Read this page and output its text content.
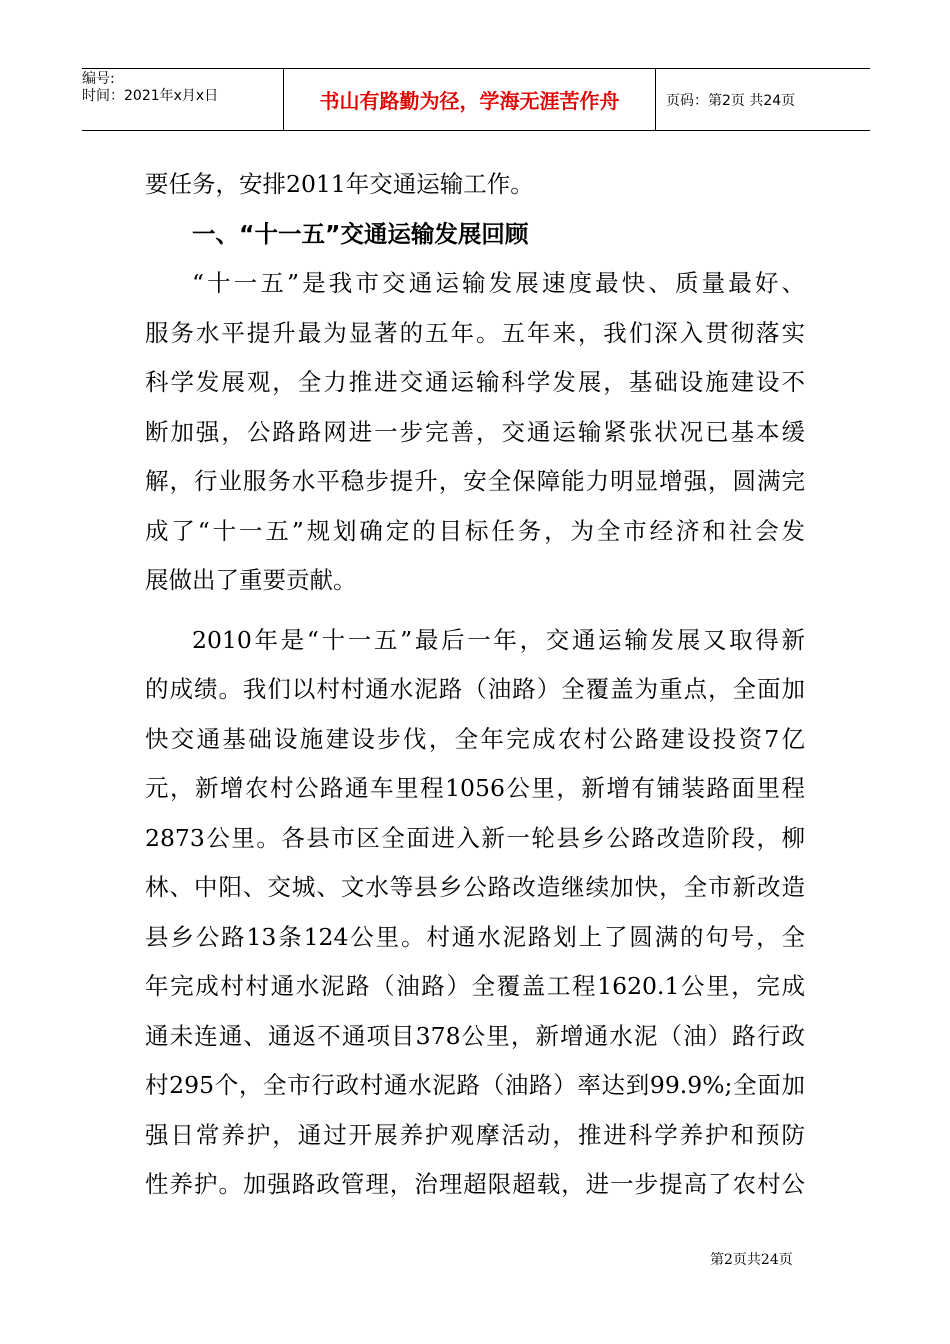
编号:
时间：2021年x月x日	书山有路勤为径，学海无涯苦作舟	页码：第2页 共24页
要任务，安排2011年交通运输工作。
一、“十一五”交通运输发展回顾
“十一五”是我市交通运输发展速度最快、质量最好、
服务水平提升最为显著的五年。五年来，我们深入贯彻落实
科学发展观，全力推进交通运输科学发展，基础设施建设不
断加强，公路路网进一步完善，交通运输紧张状况已基本缓
解，行业服务水平稳步提升，安全保障能力明显增强，圆满完
成了“十一五”规划确定的目标任务，为全市经济和社会发
展做出了重要贡献。
2010年是“十一五”最后一年，交通运输发展又取得新
的成绩。我们以村村通水泥路（油路）全覆盖为重点，全面加
快交通基础设施建设步伐，全年完成农村公路建设投资7亿
元，新增农村公路通车里程1056公里，新增有铺装路面里程
2873公里。各县市区全面进入新一轮县乡公路改造阶段，柳
林、中阳、交城、文水等县乡公路改造继续加快，全市新改造
县乡公路13条124公里。村通水泥路划上了圆满的句号，全
年完成村村通水泥路（油路）全覆盖工程1620.1公里，完成
通未连通、通返不通项目378公里，新增通水泥（油）路行政
村295个，全市行政村通水泥路（油路）率达到99.9%;全面加
强日常养护，通过开展养护观摩活动，推进科学养护和预防
性养护。加强路政管理，治理超限超载，进一步提高了农村公
第2页共24页
